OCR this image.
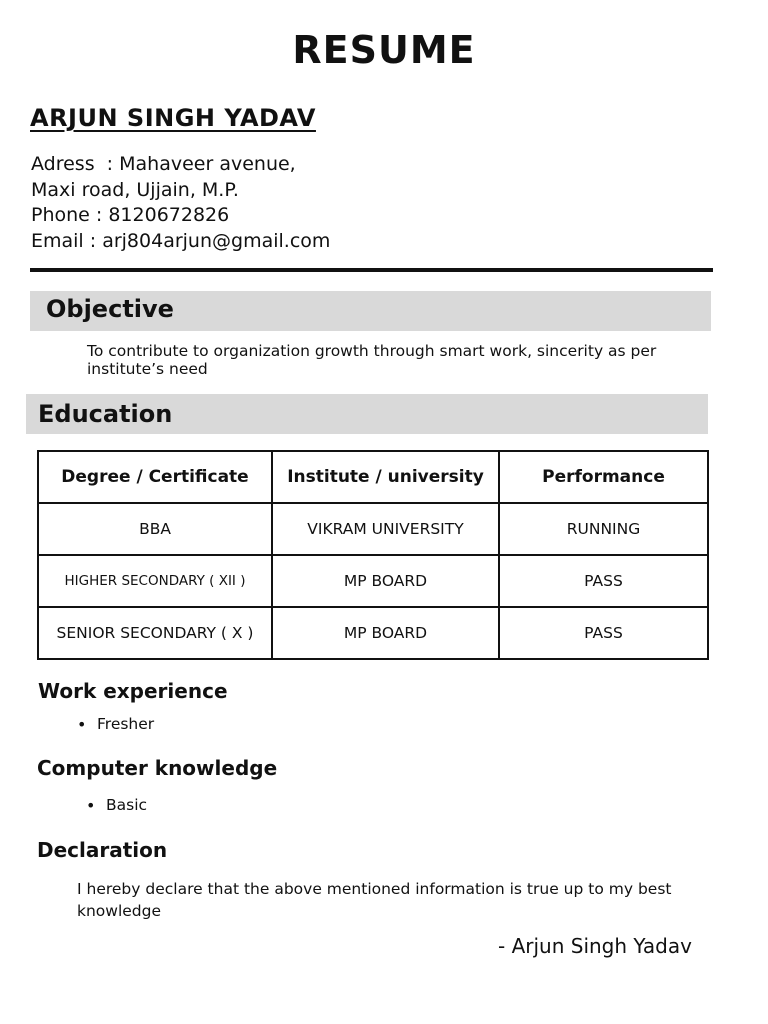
RESUME
ARJUN SINGH YADAV
Adress  : Mahaveer avenue,
Maxi road, Ujjain, M.P.
Phone : 8120672826
Email : arj804arjun@gmail.com
Objective
To contribute to organization growth through smart work, sincerity as per institute’s need
Education
Degree / Certificate	Institute / university	Performance
BBA	VIKRAM UNIVERSITY	RUNNING
HIGHER SECONDARY ( XII )	MP BOARD	PASS
SENIOR SECONDARY ( X )	MP BOARD	PASS
Work experience
• Fresher
Computer knowledge
• Basic
Declaration
I hereby declare that the above mentioned information is true up to my best knowledge
- Arjun Singh Yadav
